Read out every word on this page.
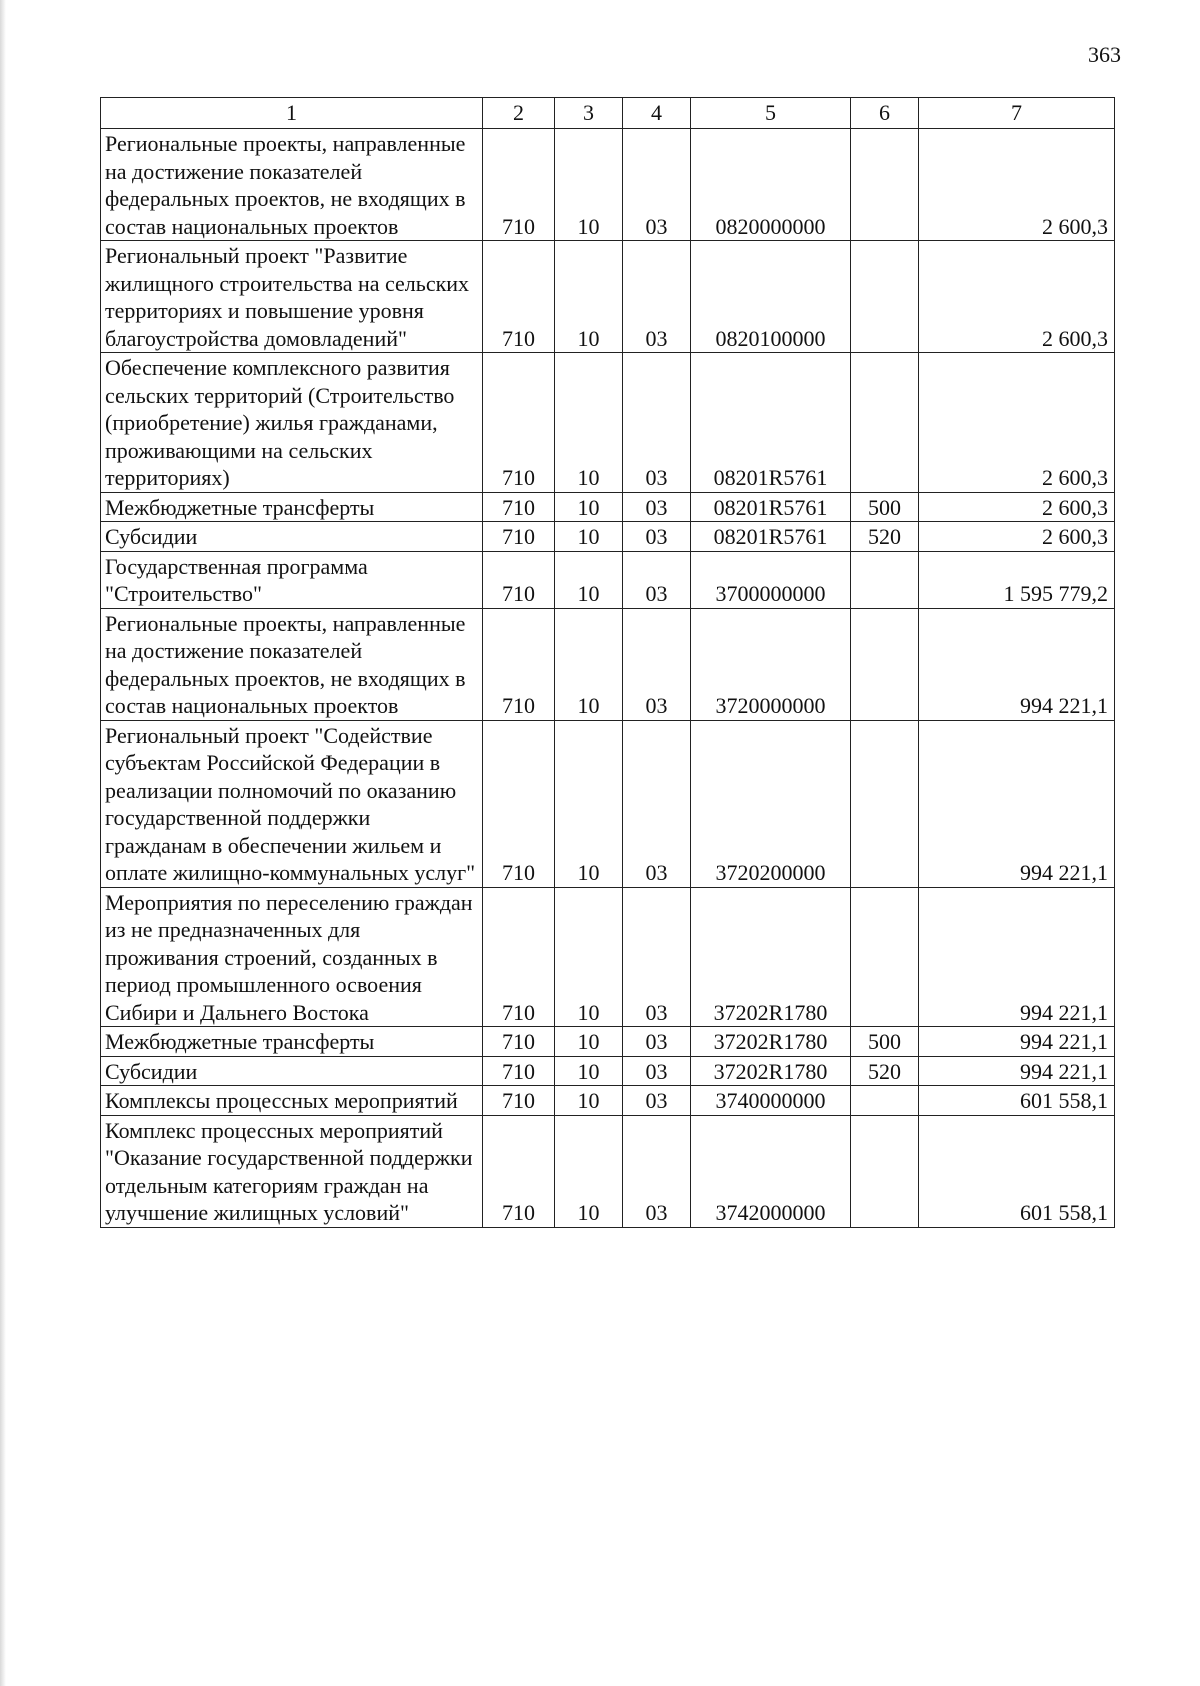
363
1	2	3	4	5	6	7
Региональные проекты, направленные на достижение показателей федеральных проектов, не входящих в состав национальных проектов	710	10	03	0820000000		2 600,3
Региональный проект "Развитие жилищного строительства на сельских территориях и повышение уровня благоустройства домовладений"	710	10	03	0820100000		2 600,3
Обеспечение комплексного развития сельских территорий (Строительство (приобретение) жилья гражданами, проживающими на сельских территориях)	710	10	03	08201R5761		2 600,3
Межбюджетные трансферты	710	10	03	08201R5761	500	2 600,3
Субсидии	710	10	03	08201R5761	520	2 600,3
Государственная программа "Строительство"	710	10	03	3700000000		1 595 779,2
Региональные проекты, направленные на достижение показателей федеральных проектов, не входящих в состав национальных проектов	710	10	03	3720000000		994 221,1
Региональный проект "Содействие субъектам Российской Федерации в реализации полномочий по оказанию государственной поддержки гражданам в обеспечении жильем и оплате жилищно-коммунальных услуг"	710	10	03	3720200000		994 221,1
Мероприятия по переселению граждан из не предназначенных для проживания строений, созданных в период промышленного освоения Сибири и Дальнего Востока	710	10	03	37202R1780		994 221,1
Межбюджетные трансферты	710	10	03	37202R1780	500	994 221,1
Субсидии	710	10	03	37202R1780	520	994 221,1
Комплексы процессных мероприятий	710	10	03	3740000000		601 558,1
Комплекс процессных мероприятий "Оказание государственной поддержки отдельным категориям граждан на улучшение жилищных условий"	710	10	03	3742000000		601 558,1
